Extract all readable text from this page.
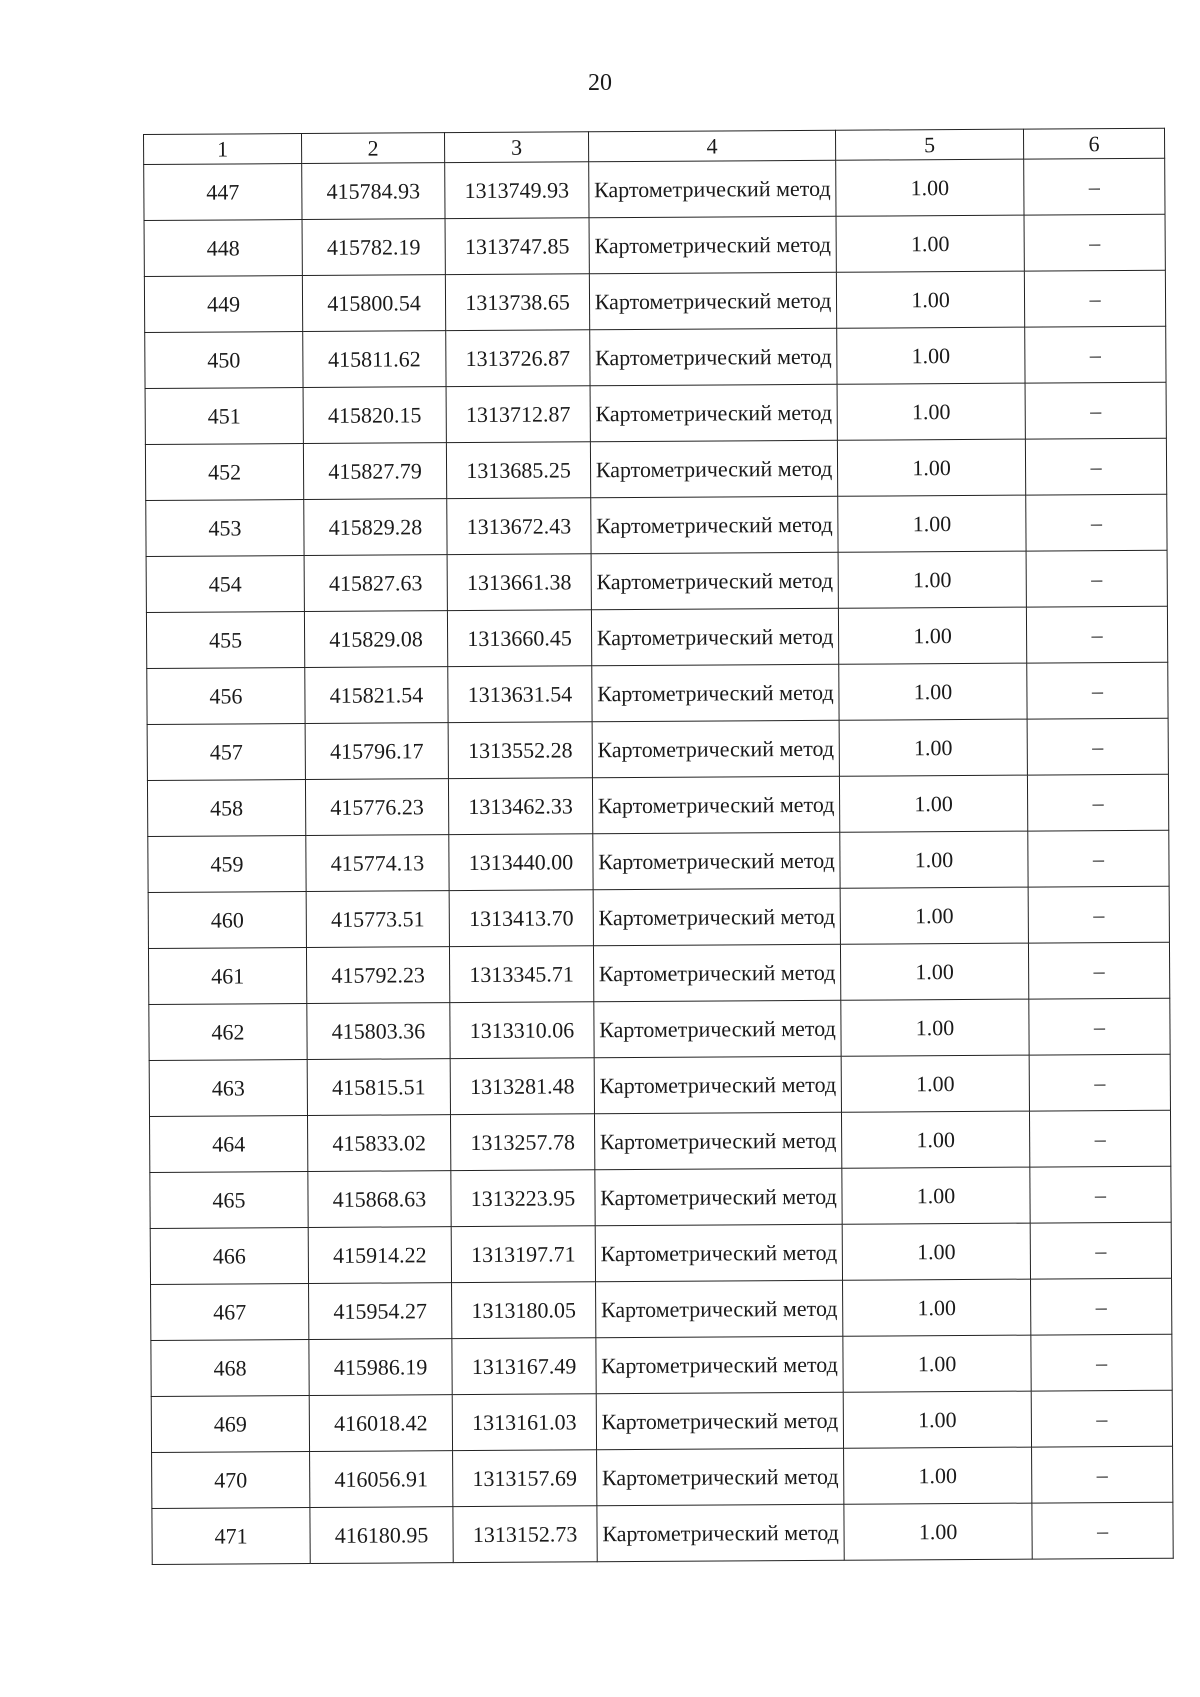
20
1	2	3	4	5	6
447	415784.93	1313749.93	Картометрический метод	1.00	–
448	415782.19	1313747.85	Картометрический метод	1.00	–
449	415800.54	1313738.65	Картометрический метод	1.00	–
450	415811.62	1313726.87	Картометрический метод	1.00	–
451	415820.15	1313712.87	Картометрический метод	1.00	–
452	415827.79	1313685.25	Картометрический метод	1.00	–
453	415829.28	1313672.43	Картометрический метод	1.00	–
454	415827.63	1313661.38	Картометрический метод	1.00	–
455	415829.08	1313660.45	Картометрический метод	1.00	–
456	415821.54	1313631.54	Картометрический метод	1.00	–
457	415796.17	1313552.28	Картометрический метод	1.00	–
458	415776.23	1313462.33	Картометрический метод	1.00	–
459	415774.13	1313440.00	Картометрический метод	1.00	–
460	415773.51	1313413.70	Картометрический метод	1.00	–
461	415792.23	1313345.71	Картометрический метод	1.00	–
462	415803.36	1313310.06	Картометрический метод	1.00	–
463	415815.51	1313281.48	Картометрический метод	1.00	–
464	415833.02	1313257.78	Картометрический метод	1.00	–
465	415868.63	1313223.95	Картометрический метод	1.00	–
466	415914.22	1313197.71	Картометрический метод	1.00	–
467	415954.27	1313180.05	Картометрический метод	1.00	–
468	415986.19	1313167.49	Картометрический метод	1.00	–
469	416018.42	1313161.03	Картометрический метод	1.00	–
470	416056.91	1313157.69	Картометрический метод	1.00	–
471	416180.95	1313152.73	Картометрический метод	1.00	–
